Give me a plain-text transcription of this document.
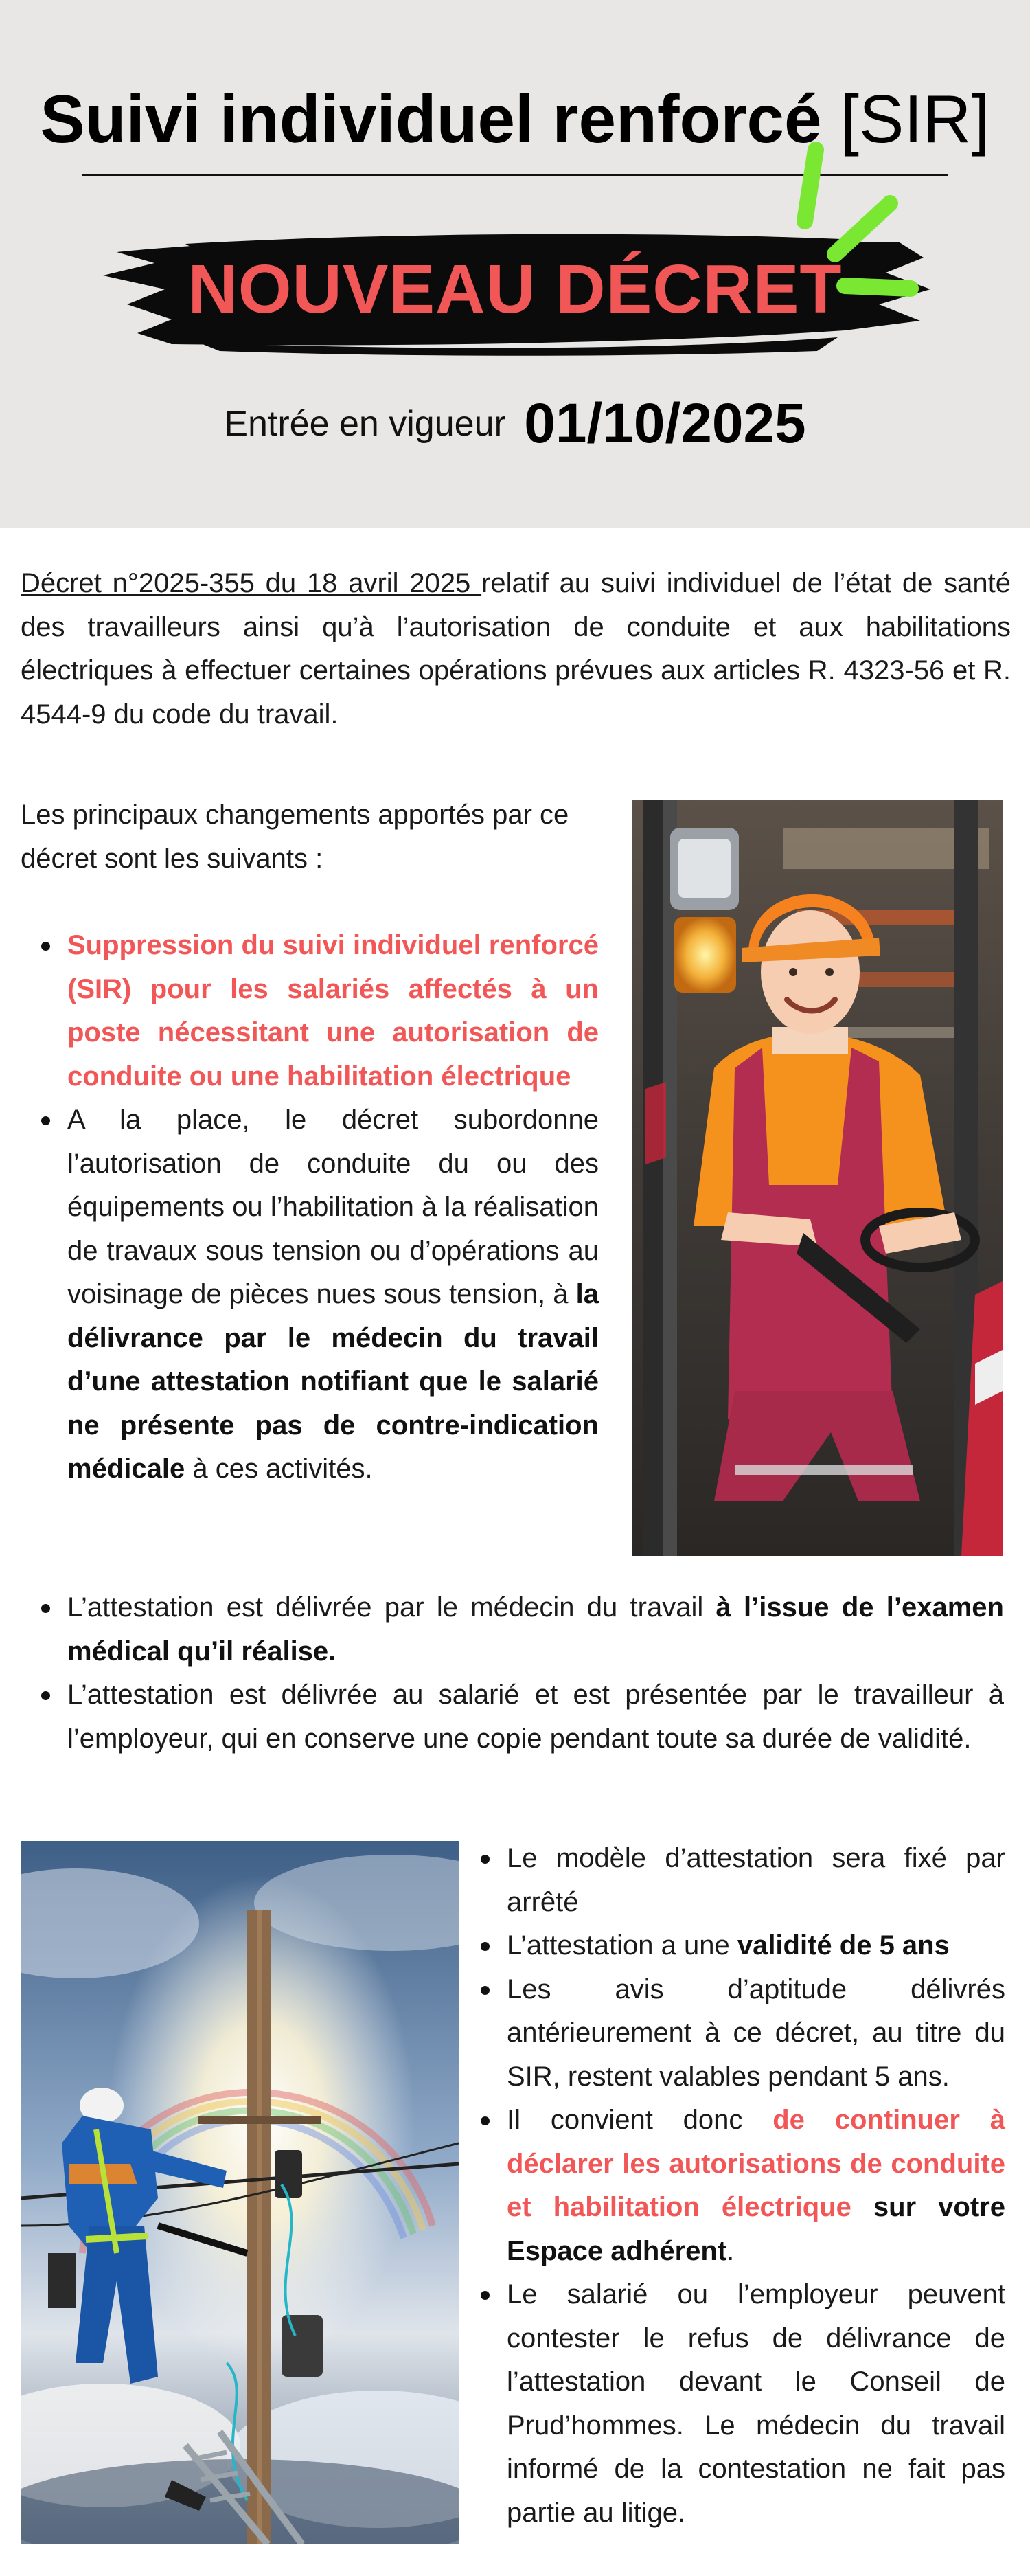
Suivi individuel renforcé [SIR]
NOUVEAU DÉCRET
Entrée en vigueur 01/10/2025

Décret n°2025-355 du 18 avril 2025 relatif au suivi individuel de l’état de santé des travailleurs ainsi qu’à l’autorisation de conduite et aux habilitations électriques à effectuer certaines opérations prévues aux articles R. 4323-56 et R. 4544-9 du code du travail.

Les principaux changements apportés par ce décret sont les suivants :

Suppression du suivi individuel renforcé (SIR) pour les salariés affectés à un poste nécessitant une autorisation de conduite ou une habilitation électrique
A la place, le décret subordonne l’autorisation de conduite du ou des équipements ou l’habilitation à la réalisation de travaux sous tension ou d’opérations au voisinage de pièces nues sous tension, à la délivrance par le médecin du travail d’une attestation notifiant que le salarié ne présente pas de contre-indication médicale à ces activités.
L’attestation est délivrée par le médecin du travail à l’issue de l’examen médical qu’il réalise.
L’attestation est délivrée au salarié et est présentée par le travailleur à l’employeur, qui en conserve une copie pendant toute sa durée de validité.
Le modèle d’attestation sera fixé par arrêté
L’attestation a une validité de 5 ans
Les avis d’aptitude délivrés antérieurement à ce décret, au titre du SIR, restent valables pendant 5 ans.
Il convient donc de continuer à déclarer les autorisations de conduite et habilitation électrique sur votre Espace adhérent.
Le salarié ou l’employeur peuvent contester le refus de délivrance de l’attestation devant le Conseil de Prud’hommes. Le médecin du travail informé de la contestation ne fait pas partie au litige.
